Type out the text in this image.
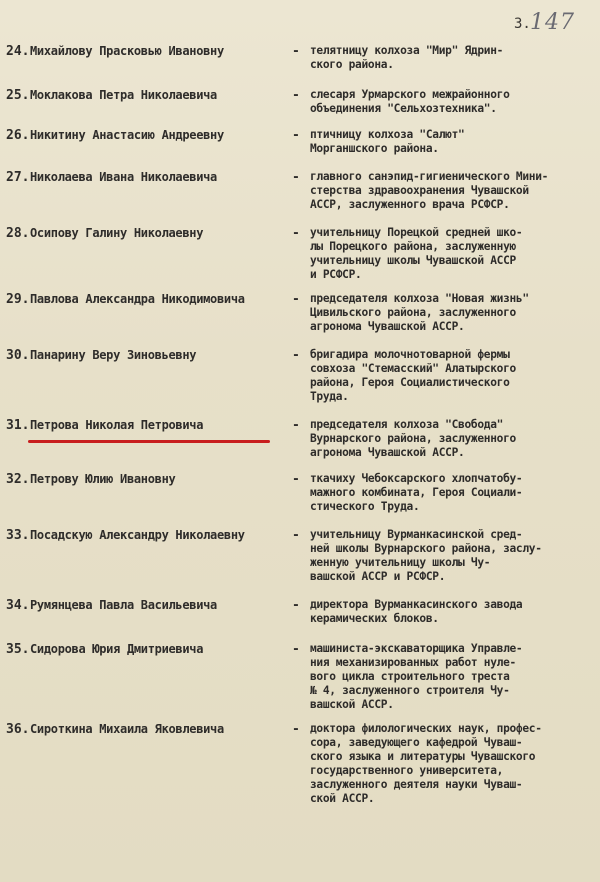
3. 147
24. Михайлову Прасковью Ивановну	- телятницу колхоза "Мир" Ядрин-
ского района.
25. Моклакова Петра Николаевича	- слесаря Урмарского межрайонного
объединения "Сельхозтехника".
26. Никитину Анастасию Андреевну	- птичницу колхоза "Салют"
Морганшского района.
27. Николаева Ивана Николаевича	- главного санэпид-гигиенического Мини-
стерства здравоохранения Чувашской
АССР, заслуженного врача РСФСР.
28. Осипову Галину Николаевну	- учительницу Порецкой средней шко-
лы Порецкого района, заслуженную
учительницу школы Чувашской АССР
и РСФСР.
29. Павлова Александра Никодимовича	- председателя колхоза "Новая жизнь"
Цивильского района, заслуженного
агронома Чувашской АССР.
30. Панарину Веру Зиновьевну	- бригадира молочнотоварной фермы
совхоза "Стемасский" Алатырского
района, Героя Социалистического
Труда.
31. Петрова Николая Петровича	- председателя колхоза "Свобода"
Вурнарского района, заслуженного
агронома Чувашской АССР.
32. Петрову Юлию Ивановну	- ткачиху Чебоксарского хлопчатобу-
мажного комбината, Героя Социали-
стического Труда.
33. Посадскую Александру Николаевну	- учительницу Вурманкасинской сред-
ней школы Вурнарского района, заслу-
женную учительницу школы Чу-
вашской АССР и РСФСР.
34. Румянцева Павла Васильевича	- директора Вурманкасинского завода
керамических блоков.
35. Сидорова Юрия Дмитриевича	- машиниста-экскаваторщика Управле-
ния механизированных работ нуле-
вого цикла строительного треста
№ 4, заслуженного строителя Чу-
вашской АССР.
36. Сироткина Михаила Яковлевича	- доктора филологических наук, профес-
сора, заведующего кафедрой Чуваш-
ского языка и литературы Чувашского
государственного университета,
заслуженного деятеля науки Чуваш-
ской АССР.
